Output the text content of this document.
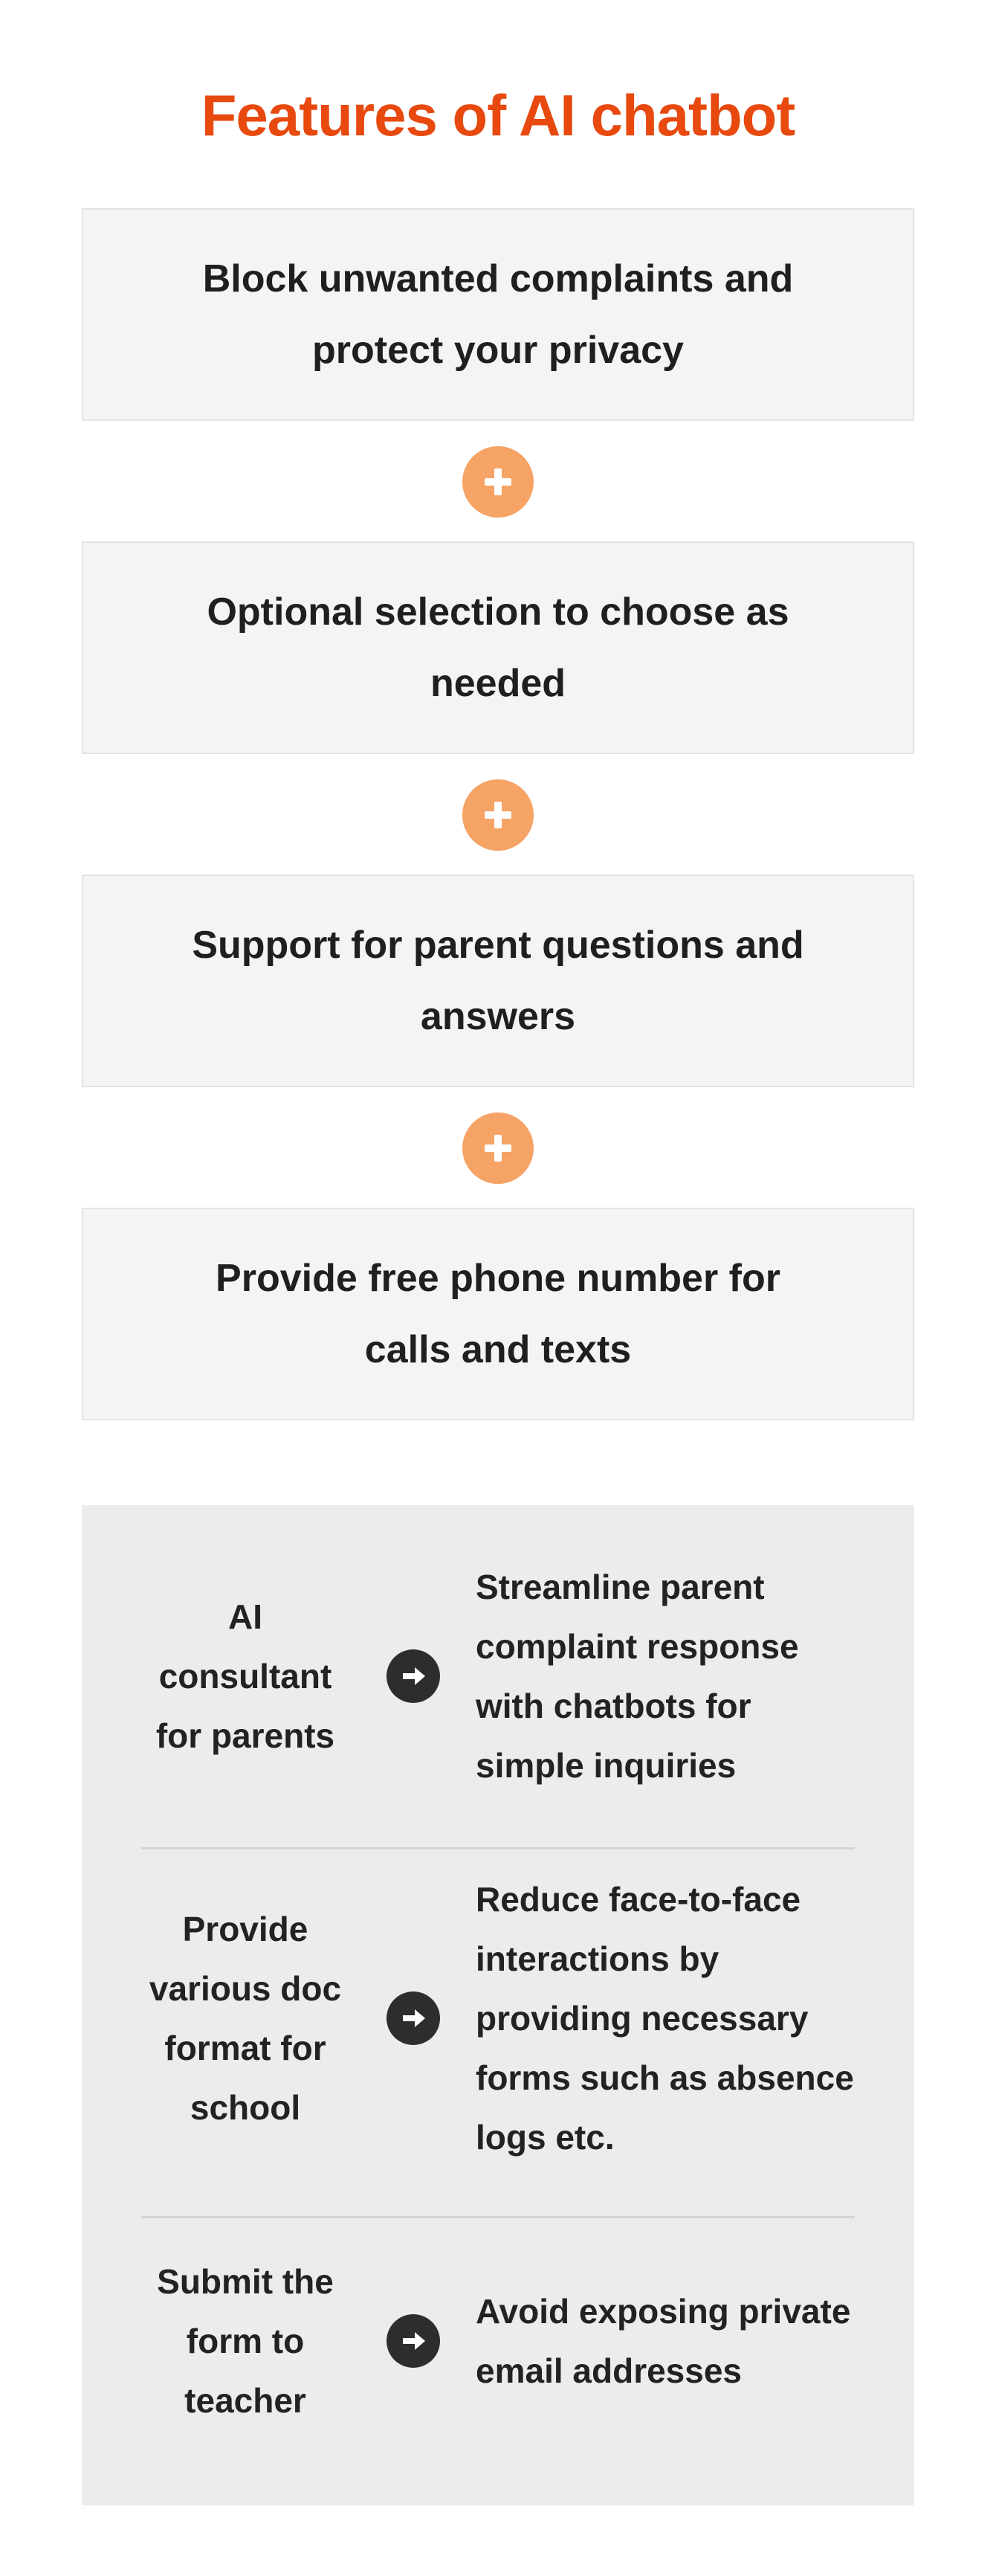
Features of AI chatbot
Block unwanted complaints and protect your privacy
Optional selection to choose as needed
Support for parent questions and answers
Provide free phone number for calls and texts
AI consultant for parents
Streamline parent complaint response with chatbots for simple inquiries
Provide various doc format for school
Reduce face-to-face interactions by providing necessary forms such as absence logs etc.
Submit the form to teacher
Avoid exposing private email addresses
